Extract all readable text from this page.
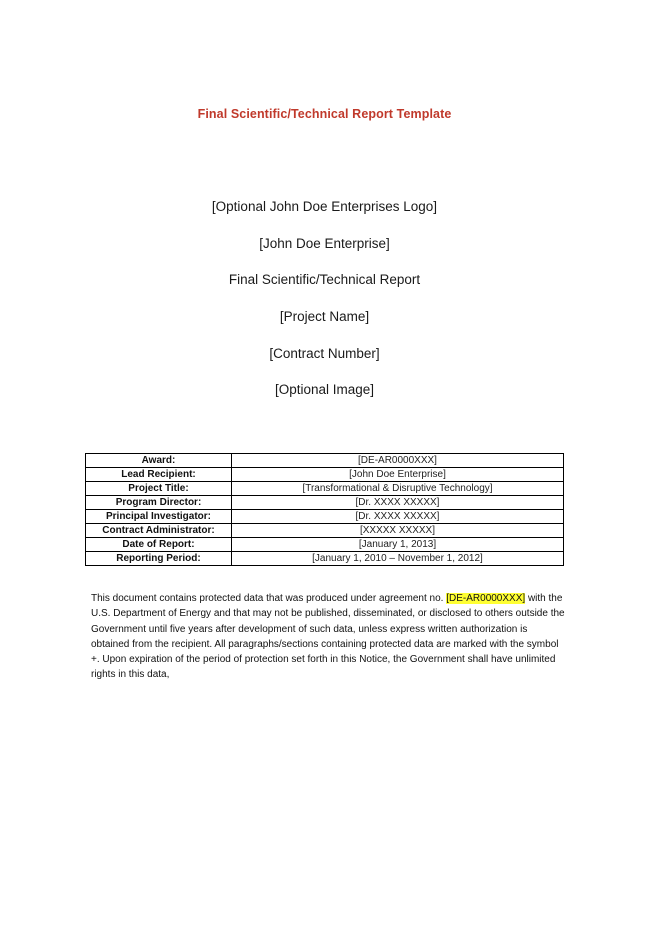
Final Scientific/Technical Report Template
[Optional John Doe Enterprises Logo]
[John Doe Enterprise]
Final Scientific/Technical Report
[Project Name]
[Contract Number]
[Optional Image]
Award:	[DE-AR0000XXX]
Lead Recipient:	[John Doe Enterprise]
Project Title:	[Transformational & Disruptive Technology]
Program Director:	[Dr. XXXX XXXXX]
Principal Investigator:	[Dr. XXXX XXXXX]
Contract Administrator:	[XXXXX XXXXX]
Date of Report:	[January 1, 2013]
Reporting Period:	[January 1, 2010 – November 1, 2012]
This document contains protected data that was produced under agreement no. [DE-AR0000XXX] with the U.S. Department of Energy and that may not be published, disseminated, or disclosed to others outside the Government until five years after development of such data, unless express written authorization is obtained from the recipient. All paragraphs/sections containing protected data are marked with the symbol +. Upon expiration of the period of protection set forth in this Notice, the Government shall have unlimited rights in this data,
